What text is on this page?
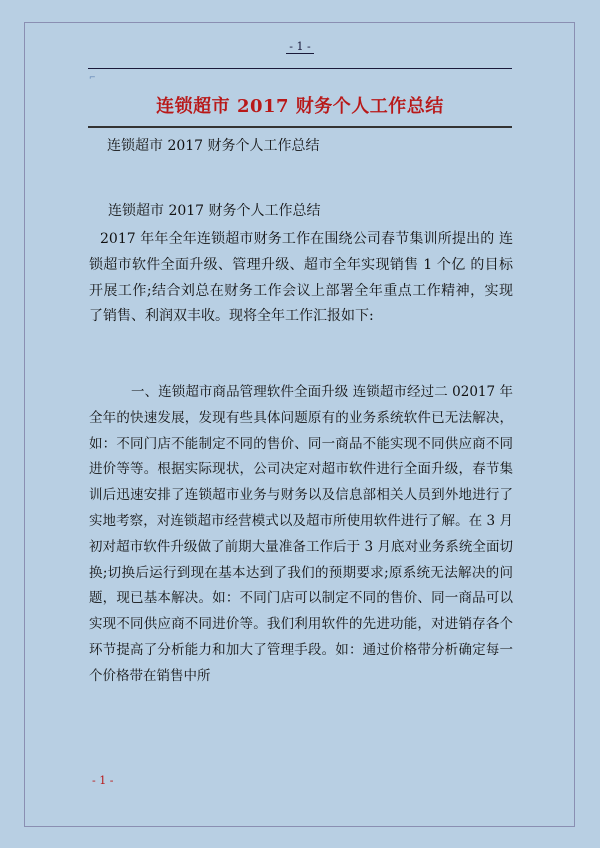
- 1 -
⌐
连锁超市 2017 财务个人工作总结
连锁超市 2017 财务个人工作总结
连锁超市 2017 财务个人工作总结
2017 年年全年连锁超市财务工作在围绕公司春节集训所提出的 连锁超市软件全面升级、管理升级、超市全年实现销售 1 个亿 的目标开展工作;结合刘总在财务工作会议上部署全年重点工作精神，实现了销售、利润双丰收。现将全年工作汇报如下:
一、连锁超市商品管理软件全面升级 连锁超市经过二 02017 年全年的快速发展，发现有些具体问题原有的业务系统软件已无法解决，如：不同门店不能制定不同的售价、同一商品不能实现不同供应商不同进价等等。根据实际现状，公司决定对超市软件进行全面升级，春节集训后迅速安排了连锁超市业务与财务以及信息部相关人员到外地进行了实地考察，对连锁超市经营模式以及超市所使用软件进行了解。在 3 月初对超市软件升级做了前期大量准备工作后于 3 月底对业务系统全面切换;切换后运行到现在基本达到了我们的预期要求;原系统无法解决的问题，现已基本解决。如：不同门店可以制定不同的售价、同一商品可以实现不同供应商不同进价等。我们利用软件的先进功能，对进销存各个环节提高了分析能力和加大了管理手段。如：通过价格带分析确定每一个价格带在销售中所
- 1 -
